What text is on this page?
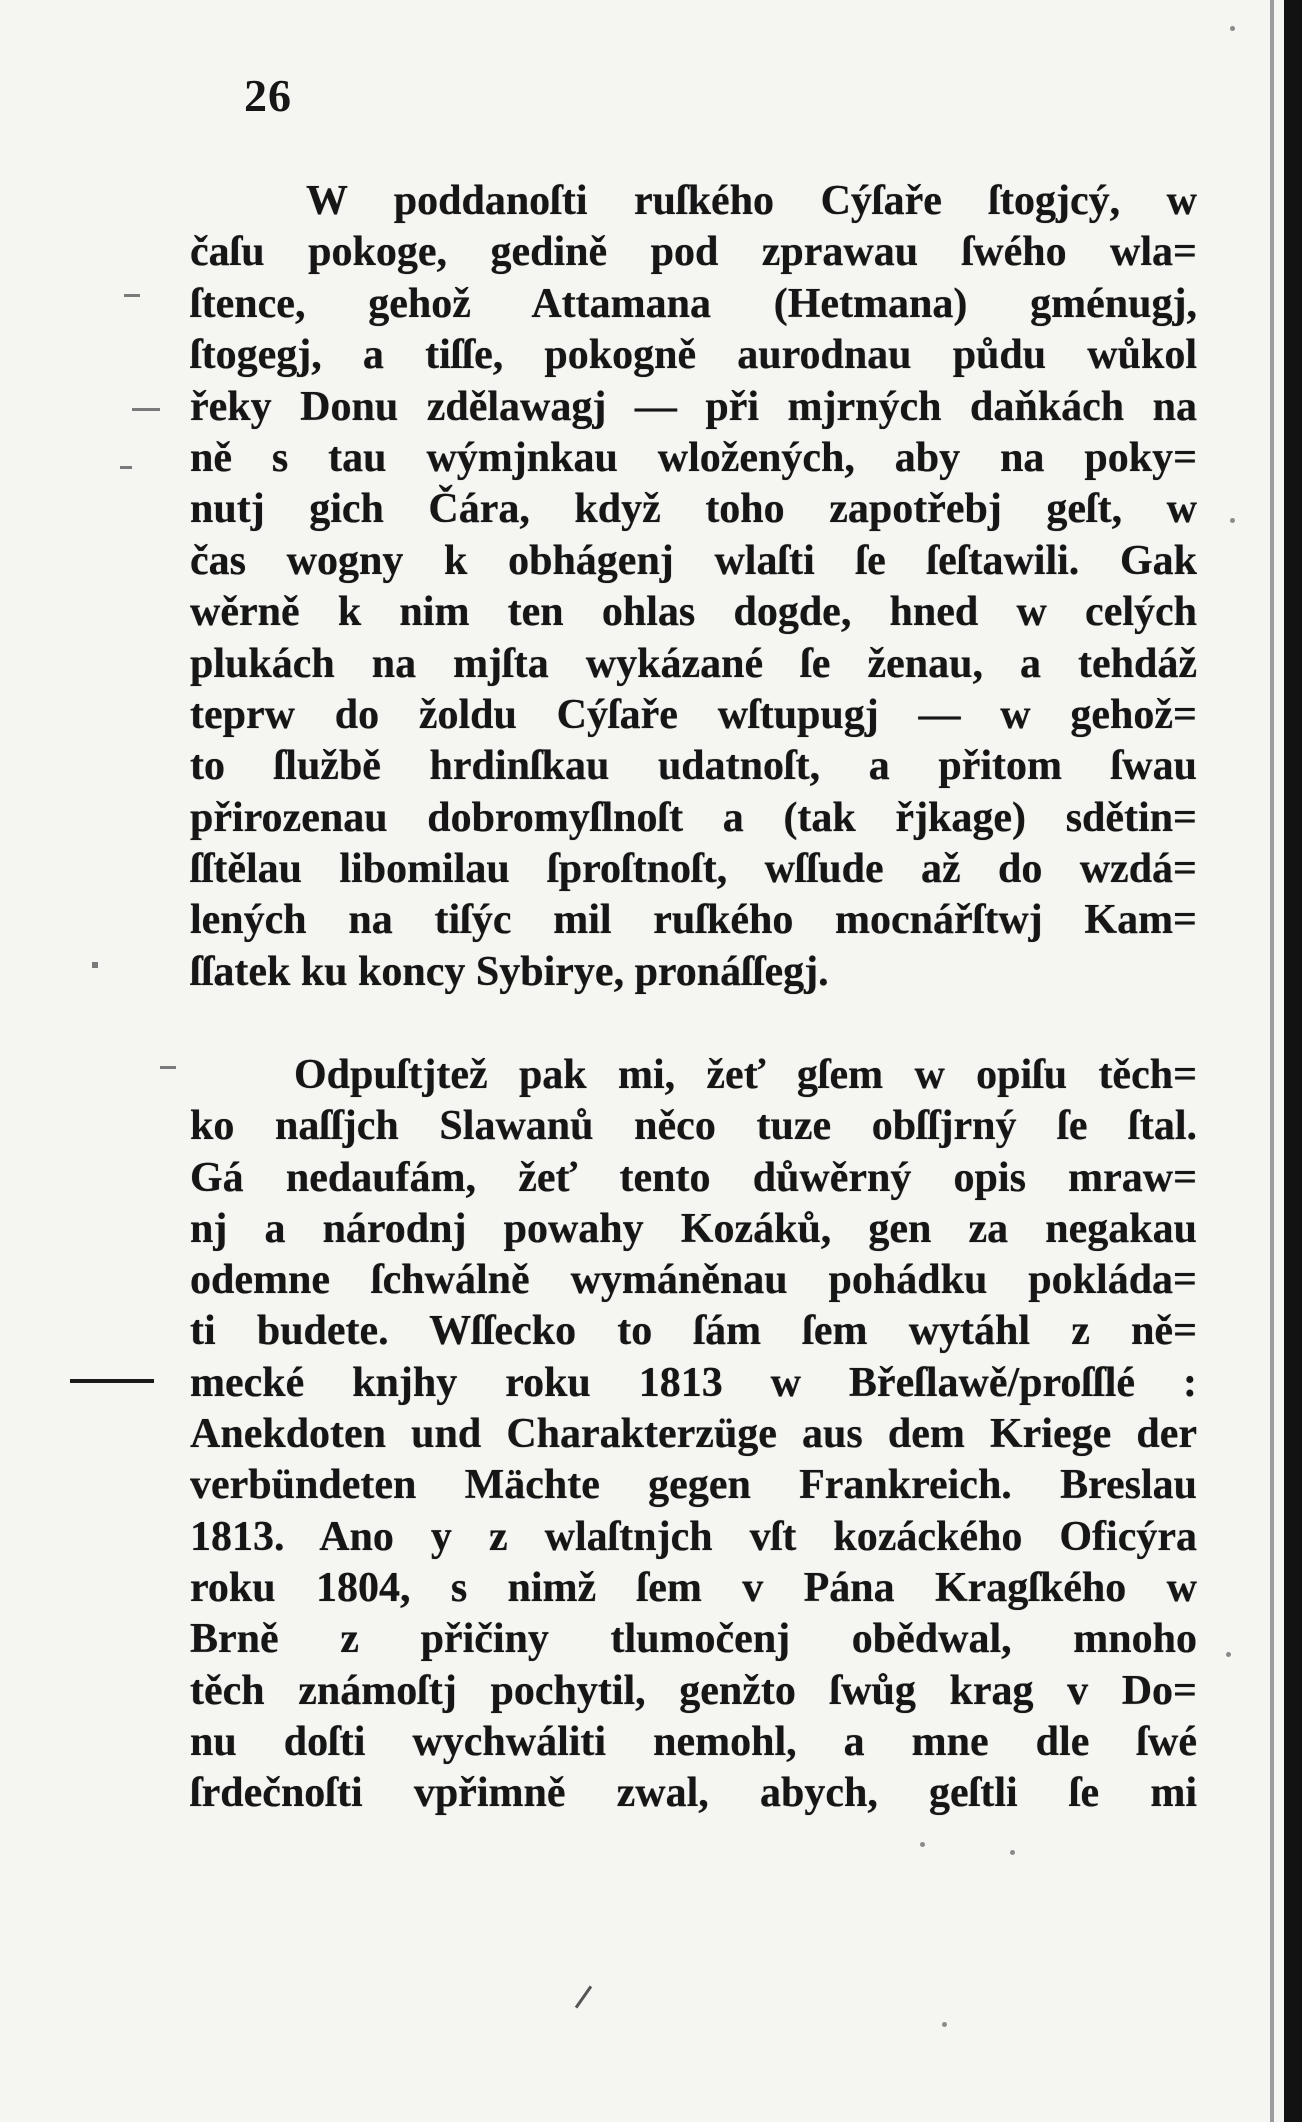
26
W poddanoſti ruſkého Cýſaře ſtogjcý, w
čaſu pokoge, gedině pod zprawau ſwého wla=
ſtence, gehož Attamana (Hetmana) gménugj,
ſtogegj, a tiſſe, pokogně aurodnau půdu wůkol
řeky Donu zdělawagj — při mjrných daňkách na
ně s tau wýmjnkau wložených, aby na poky=
nutj gich Čára, když toho zapotřebj geſt, w
čas wogny k obhágenj wlaſti ſe ſeſtawili. Gak
wěrně k nim ten ohlas dogde, hned w celých
plukách na mjſta wykázané ſe ženau, a tehdáž
teprw do žoldu Cýſaře wſtupugj — w gehož=
to ſlužbě hrdinſkau udatnoſt, a přitom ſwau
přirozenau dobromyſlnoſt a (tak řjkage) sdětin=
ſſtělau libomilau ſproſtnoſt, wſſude až do wzdá=
lených na tiſýc mil ruſkého mocnářſtwj Kam=
ſſatek ku koncy Sybirye, pronáſſegj.
Odpuſtjtež pak mi, žeť gſem w opiſu těch=
ko naſſjch Slawanů něco tuze obſſjrný ſe ſtal.
Gá nedaufám, žeť tento důwěrný opis mraw=
nj a národnj powahy Kozáků, gen za negakau
odemne ſchwálně wymáněnau pohádku pokláda=
ti budete. Wſſecko to ſám ſem wytáhl z ně=
mecké knjhy roku 1813 w Břeſlawě/proſſlé :
Anekdoten und Charakterzüge aus dem Kriege der
verbündeten Mächte gegen Frankreich. Breslau
1813. Ano y z wlaſtnjch vſt kozáckého Oficýra
roku 1804, s nimž ſem v Pána Kragſkého w
Brně z přičiny tlumočenj obědwal, mnoho
těch známoſtj pochytil, genžto ſwůg krag v Do=
nu doſti wychwáliti nemohl, a mne dle ſwé
ſrdečnoſti vpřimně zwal, abych, geſtli ſe mi
